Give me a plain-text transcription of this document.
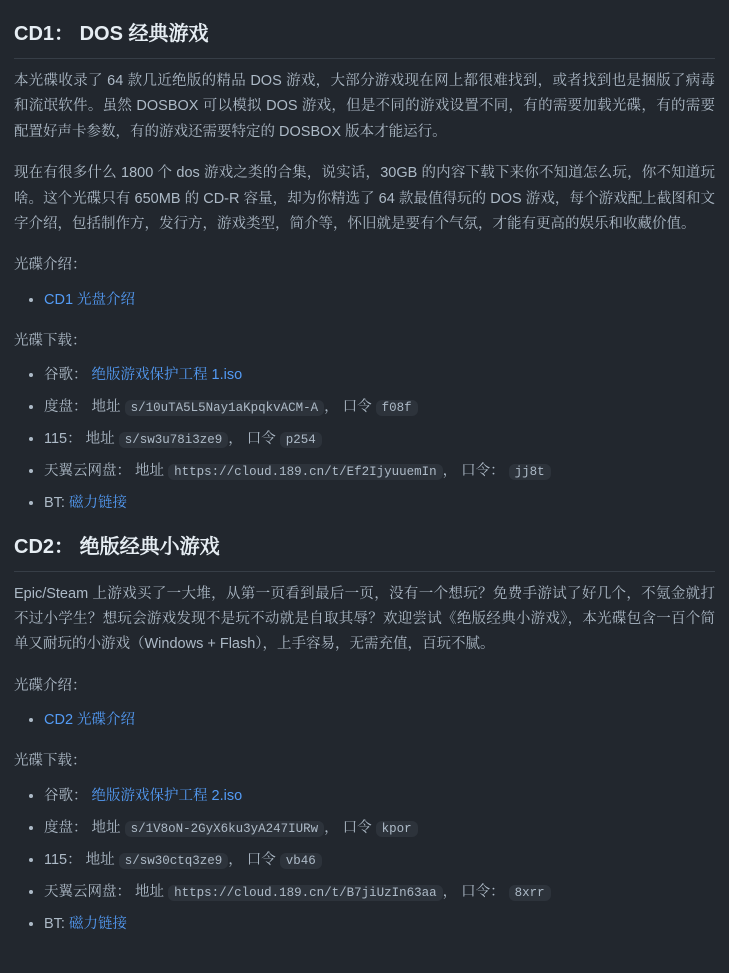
CD1： DOS 经典游戏

本光碟收录了 64 款几近绝版的精品 DOS 游戏，大部分游戏现在网上都很难找到，或者找到也是捆版了病毒和流氓软件。虽然 DOSBOX 可以模拟 DOS 游戏，但是不同的游戏设置不同，有的需要加载光碟，有的需要配置好声卡参数，有的游戏还需要特定的 DOSBOX 版本才能运行。

现在有很多什么 1800 个 dos 游戏之类的合集，说实话，30GB 的内容下载下来你不知道怎么玩，你不知道玩啥。这个光碟只有 650MB 的 CD-R 容量，却为你精选了 64 款最值得玩的 DOS 游戏，每个游戏配上截图和文字介绍，包括制作方，发行方，游戏类型，简介等，怀旧就是要有个气氛，才能有更高的娱乐和收藏价值。

光碟介绍：

• CD1 光盘介绍

光碟下载：

• 谷歌： 绝版游戏保护工程 1.iso
• 度盘： 地址 s/10uTA5L5Nay1aKpqkvACM-A ， 口令 f08f
• 115： 地址 s/sw3u78i3ze9 ， 口令 p254
• 天翼云网盘： 地址 https://cloud.189.cn/t/Ef2IjyuuemIn ， 口令： jj8t
• BT: 磁力链接
CD2： 绝版经典小游戏

Epic/Steam 上游戏买了一大堆，从第一页看到最后一页，没有一个想玩？免费手游试了好几个，不氪金就打不过小学生？想玩会游戏发现不是玩不动就是自取其辱？欢迎尝试《绝版经典小游戏》，本光碟包含一百个简单又耐玩的小游戏（Windows + Flash），上手容易，无需充值，百玩不腻。

光碟介绍：

• CD2 光碟介绍

光碟下载：

• 谷歌： 绝版游戏保护工程 2.iso
• 度盘： 地址 s/1V8oN-2GyX6ku3yA247IURw ， 口令 kpor
• 115： 地址 s/sw30ctq3ze9 ， 口令 vb46
• 天翼云网盘： 地址 https://cloud.189.cn/t/B7jiUzIn63aa ， 口令： 8xrr
• BT: 磁力链接
